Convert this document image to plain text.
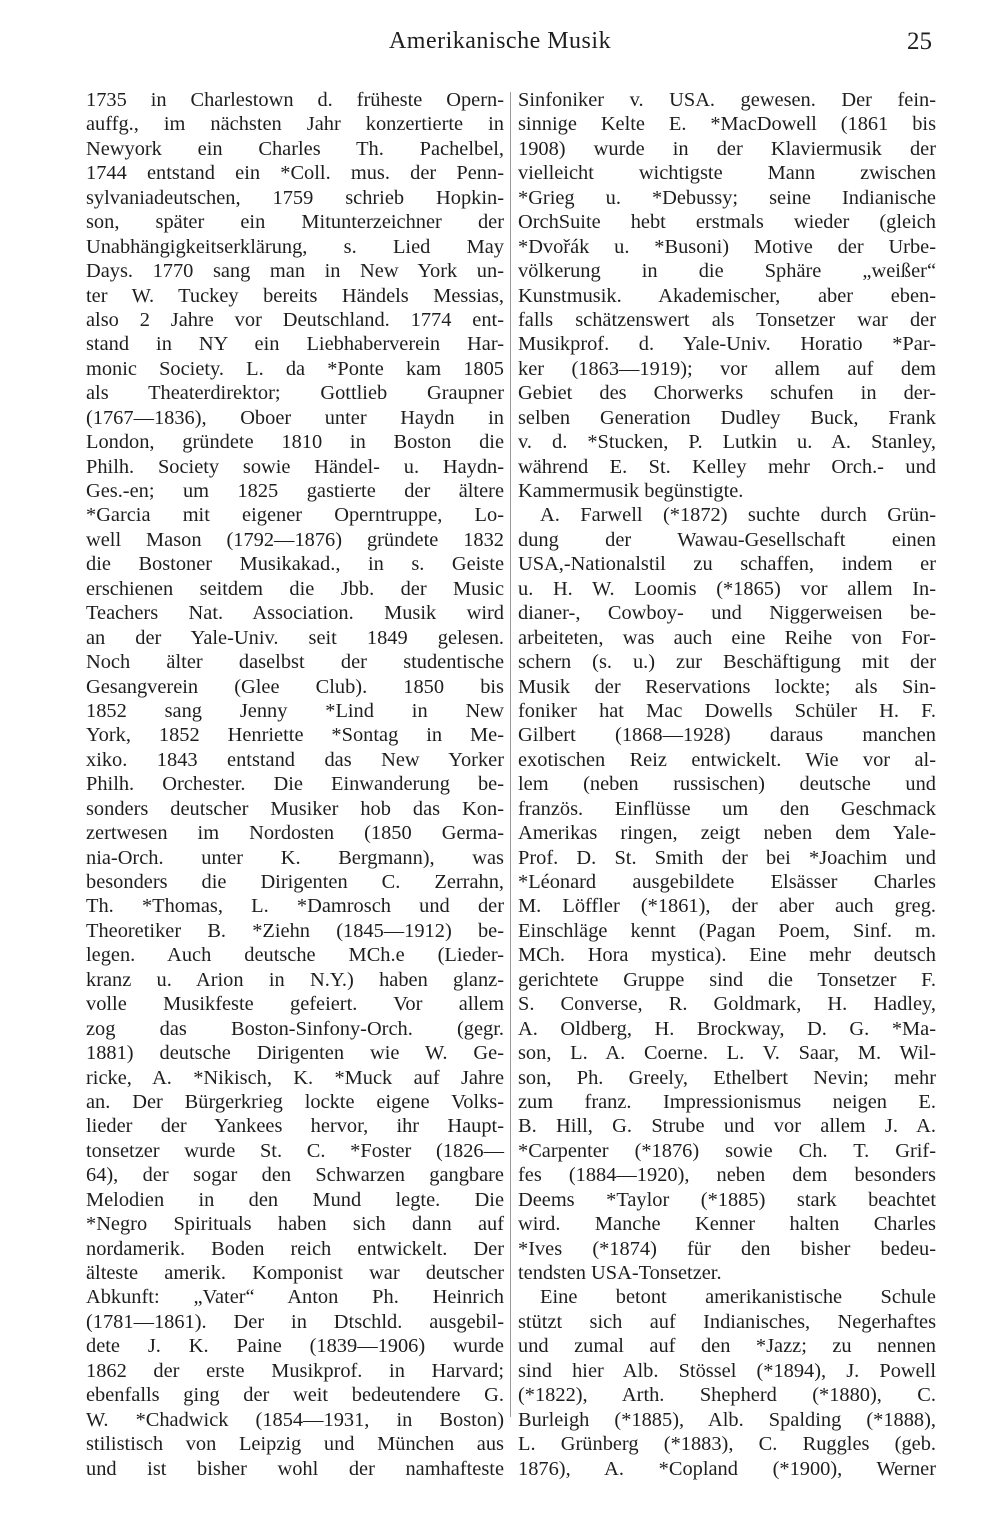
Amerikanische Musik	25
1735 in Charlestown d. früheste Opern-
auffg., im nächsten Jahr konzertierte in
Newyork ein Charles Th. Pachelbel,
1744 entstand ein *Coll. mus. der Penn-
sylvaniadeutschen, 1759 schrieb Hopkin-
son, später ein Mitunterzeichner der
Unabhängigkeitserklärung, s. Lied May
Days. 1770 sang man in New York un-
ter W. Tuckey bereits Händels Messias,
also 2 Jahre vor Deutschland. 1774 ent-
stand in NY ein Liebhaberverein Har-
monic Society. L. da *Ponte kam 1805
als Theaterdirektor; Gottlieb Graupner
(1767—1836), Oboer unter Haydn in
London, gründete 1810 in Boston die
Philh. Society sowie Händel- u. Haydn-
Ges.-en; um 1825 gastierte der ältere
*Garcia mit eigener Operntruppe, Lo-
well Mason (1792—1876) gründete 1832
die Bostoner Musikakad., in s. Geiste
erschienen seitdem die Jbb. der Music
Teachers Nat. Association. Musik wird
an der Yale-Univ. seit 1849 gelesen.
Noch älter daselbst der studentische
Gesangverein (Glee Club). 1850 bis
1852 sang Jenny *Lind in New
York, 1852 Henriette *Sontag in Me-
xiko. 1843 entstand das New Yorker
Philh. Orchester. Die Einwanderung be-
sonders deutscher Musiker hob das Kon-
zertwesen im Nordosten (1850 Germa-
nia-Orch. unter K. Bergmann), was
besonders die Dirigenten C. Zerrahn,
Th. *Thomas, L. *Damrosch und der
Theoretiker B. *Ziehn (1845—1912) be-
legen. Auch deutsche MCh.e (Lieder-
kranz u. Arion in N.Y.) haben glanz-
volle Musikfeste gefeiert. Vor allem
zog das Boston-Sinfony-Orch. (gegr.
1881) deutsche Dirigenten wie W. Ge-
ricke, A. *Nikisch, K. *Muck auf Jahre
an. Der Bürgerkrieg lockte eigene Volks-
lieder der Yankees hervor, ihr Haupt-
tonsetzer wurde St. C. *Foster (1826—
64), der sogar den Schwarzen gangbare
Melodien in den Mund legte. Die
*Negro Spirituals haben sich dann auf
nordamerik. Boden reich entwickelt. Der
älteste amerik. Komponist war deutscher
Abkunft: „Vater“ Anton Ph. Heinrich
(1781—1861). Der in Dtschld. ausgebil-
dete J. K. Paine (1839—1906) wurde
1862 der erste Musikprof. in Harvard;
ebenfalls ging der weit bedeutendere G.
W. *Chadwick (1854—1931, in Boston)
stilistisch von Leipzig und München aus
und ist bisher wohl der namhafteste
Sinfoniker v. USA. gewesen. Der fein-
sinnige Kelte E. *MacDowell (1861 bis
1908) wurde in der Klaviermusik der
vielleicht wichtigste Mann zwischen
*Grieg u. *Debussy; seine Indianische
OrchSuite hebt erstmals wieder (gleich
*Dvořák u. *Busoni) Motive der Urbe-
völkerung in die Sphäre „weißer“
Kunstmusik. Akademischer, aber eben-
falls schätzenswert als Tonsetzer war der
Musikprof. d. Yale-Univ. Horatio *Par-
ker (1863—1919); vor allem auf dem
Gebiet des Chorwerks schufen in der-
selben Generation Dudley Buck, Frank
v. d. *Stucken, P. Lutkin u. A. Stanley,
während E. St. Kelley mehr Orch.- und
Kammermusik begünstigte.
A. Farwell (*1872) suchte durch Grün-
dung der Wawau-Gesellschaft einen
USA,-Nationalstil zu schaffen, indem er
u. H. W. Loomis (*1865) vor allem In-
dianer-, Cowboy- und Niggerweisen be-
arbeiteten, was auch eine Reihe von For-
schern (s. u.) zur Beschäftigung mit der
Musik der Reservations lockte; als Sin-
foniker hat Mac Dowells Schüler H. F.
Gilbert (1868—1928) daraus manchen
exotischen Reiz entwickelt. Wie vor al-
lem (neben russischen) deutsche und
französ. Einflüsse um den Geschmack
Amerikas ringen, zeigt neben dem Yale-
Prof. D. St. Smith der bei *Joachim und
*Léonard ausgebildete Elsässer Charles
M. Löffler (*1861), der aber auch greg.
Einschläge kennt (Pagan Poem, Sinf. m.
MCh. Hora mystica). Eine mehr deutsch
gerichtete Gruppe sind die Tonsetzer F.
S. Converse, R. Goldmark, H. Hadley,
A. Oldberg, H. Brockway, D. G. *Ma-
son, L. A. Coerne. L. V. Saar, M. Wil-
son, Ph. Greely, Ethelbert Nevin; mehr
zum franz. Impressionismus neigen E.
B. Hill, G. Strube und vor allem J. A.
*Carpenter (*1876) sowie Ch. T. Grif-
fes (1884—1920), neben dem besonders
Deems *Taylor (*1885) stark beachtet
wird. Manche Kenner halten Charles
*Ives (*1874) für den bisher bedeu-
tendsten USA-Tonsetzer.
Eine betont amerikanistische Schule
stützt sich auf Indianisches, Negerhaftes
und zumal auf den *Jazz; zu nennen
sind hier Alb. Stössel (*1894), J. Powell
(*1822), Arth. Shepherd (*1880), C.
Burleigh (*1885), Alb. Spalding (*1888),
L. Grünberg (*1883), C. Ruggles (geb.
1876), A. *Copland (*1900), Werner
